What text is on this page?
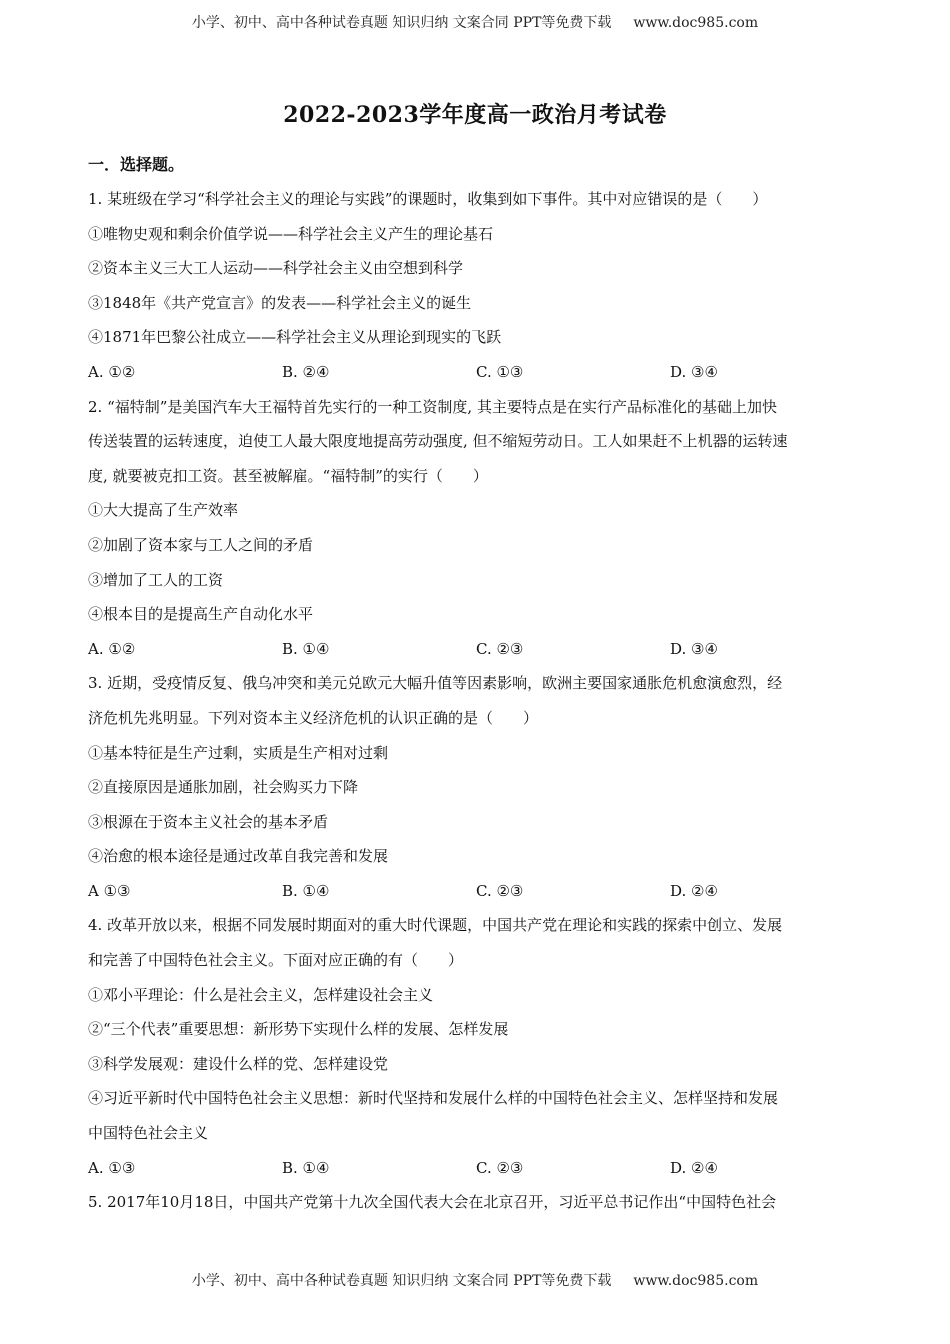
小学、初中、高中各种试卷真题 知识归纳 文案合同 PPT等免费下载 www.doc985.com
2022-2023学年度高一政治月考试卷
一．选择题。
1. 某班级在学习“科学社会主义的理论与实践”的课题时，收集到如下事件。其中对应错误的是（　　）
①唯物史观和剩余价值学说——科学社会主义产生的理论基石
②资本主义三大工人运动——科学社会主义由空想到科学
③1848年《共产党宣言》的发表——科学社会主义的诞生
④1871年巴黎公社成立——科学社会主义从理论到现实的飞跃
A. ①②	B. ②④	C. ①③	D. ③④
2. “福特制”是美国汽车大王福特首先实行的一种工资制度, 其主要特点是在实行产品标准化的基础上加快
传送装置的运转速度，迫使工人最大限度地提高劳动强度, 但不缩短劳动日。工人如果赶不上机器的运转速
度, 就要被克扣工资。甚至被解雇。“福特制”的实行（　　）
①大大提高了生产效率
②加剧了资本家与工人之间的矛盾
③增加了工人的工资
④根本目的是提高生产自动化水平
A. ①②	B. ①④	C. ②③	D. ③④
3. 近期，受疫情反复、俄乌冲突和美元兑欧元大幅升值等因素影响，欧洲主要国家通胀危机愈演愈烈，经
济危机先兆明显。下列对资本主义经济危机的认识正确的是（　　）
①基本特征是生产过剩，实质是生产相对过剩
②直接原因是通胀加剧，社会购买力下降
③根源在于资本主义社会的基本矛盾
④治愈的根本途径是通过改革自我完善和发展
A ①③	B. ①④	C. ②③	D. ②④
4. 改革开放以来，根据不同发展时期面对的重大时代课题，中国共产党在理论和实践的探索中创立、发展
和完善了中国特色社会主义。下面对应正确的有（　　）
①邓小平理论：什么是社会主义，怎样建设社会主义
②“三个代表”重要思想：新形势下实现什么样的发展、怎样发展
③科学发展观：建设什么样的党、怎样建设党
④习近平新时代中国特色社会主义思想：新时代坚持和发展什么样的中国特色社会主义、怎样坚持和发展
中国特色社会主义
A. ①③	B. ①④	C. ②③	D. ②④
5. 2017年10月18日，中国共产党第十九次全国代表大会在北京召开，习近平总书记作出“中国特色社会
小学、初中、高中各种试卷真题 知识归纳 文案合同 PPT等免费下载 www.doc985.com
